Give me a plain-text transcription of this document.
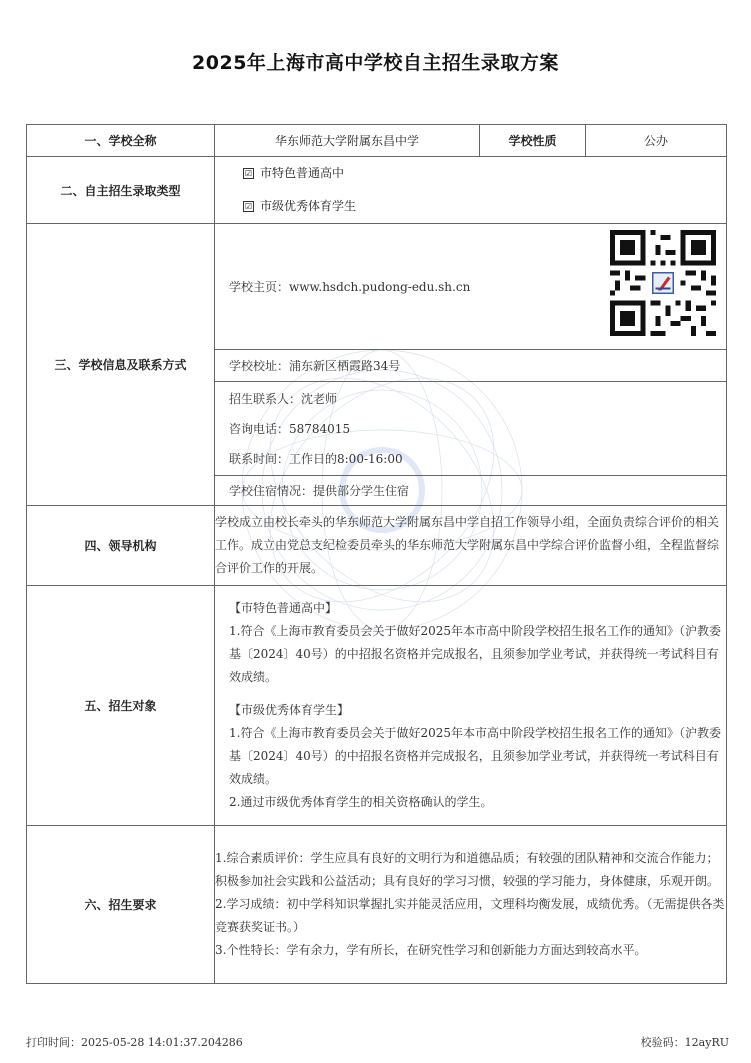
2025年上海市高中学校自主招生录取方案
一、学校全称	华东师范大学附属东昌中学	学校性质	公办
二、自主招生录取类型	☑ 市特色普通高中
☑ 市级优秀体育学生		

三、学校信息及联系方式	学校主页：www.hsdch.pudong-edu.sh.cn		

	学校校址：浦东新区栖霞路34号		

	招生联系人：沈老师
咨询电话：58784015
联系时间：工作日的8:00-16:00		

	学校住宿情况：提供部分学生住宿		
四、领导机构	学校成立由校长牵头的华东师范大学附属东昌中学自招工作领导小组，全面负责综合评价的相关工作。成立由党总支纪检委员牵头的华东师范大学附属东昌中学综合评价监督小组，全程监督综合评价工作的开展。		
五、招生对象	【市特色普通高中】

1.符合《上海市教育委员会关于做好2025年本市高中阶段学校招生报名工作的通知》（沪教委基〔2024〕40号）的中招报名资格并完成报名，且须参加学业考试，并获得统一考试科目有效成绩。

【市级优秀体育学生】

1.符合《上海市教育委员会关于做好2025年本市高中阶段学校招生报名工作的通知》（沪教委基〔2024〕40号）的中招报名资格并完成报名，且须参加学业考试，并获得统一考试科目有效成绩。

2.通过市级优秀体育学生的相关资格确认的学生。		

六、招生要求	1.综合素质评价：学生应具有良好的文明行为和道德品质；有较强的团队精神和交流合作能力；积极参加社会实践和公益活动；具有良好的学习习惯，较强的学习能力，身体健康，乐观开朗。

2.学习成绩：初中学科知识掌握扎实并能灵活应用，文理科均衡发展，成绩优秀。（无需提供各类竞赛获奖证书。）

3.个性特长：学有余力，学有所长，在研究性学习和创新能力方面达到较高水平。		

打印时间：2025-05-28 14:01:37.204286	校验码：12ayRU
